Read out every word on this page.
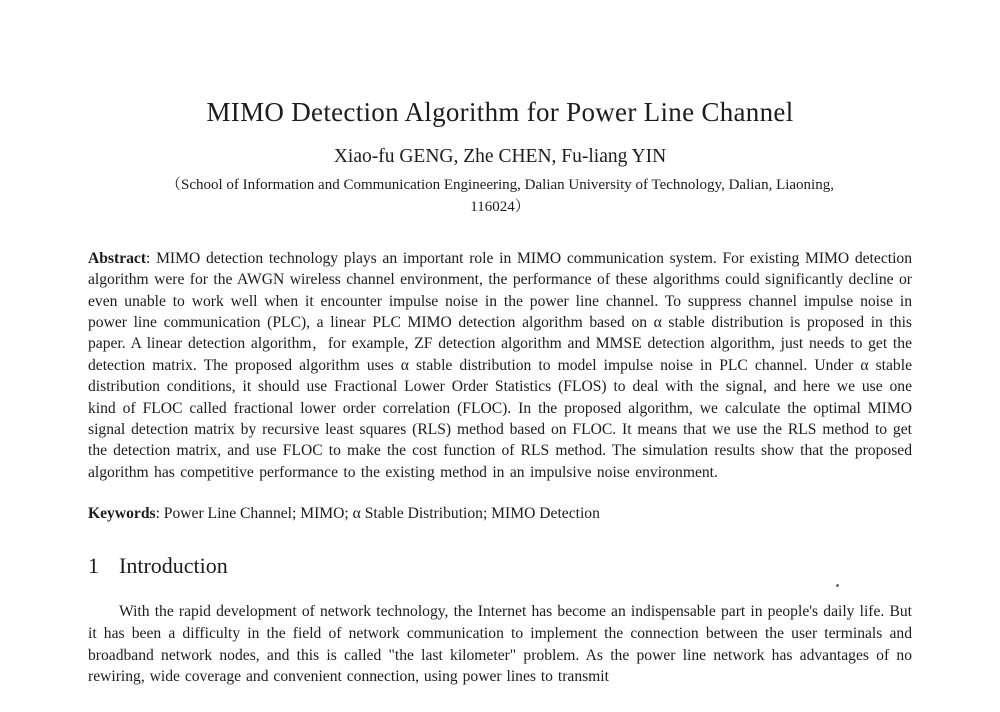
MIMO Detection Algorithm for Power Line Channel
Xiao-fu GENG, Zhe CHEN, Fu-liang YIN
（School of Information and Communication Engineering, Dalian University of Technology, Dalian, Liaoning,
116024）

Abstract: MIMO detection technology plays an important role in MIMO communication system. For existing MIMO detection algorithm were for the AWGN wireless channel environment, the performance of these algorithms could significantly decline or even unable to work well when it encounter impulse noise in the power line channel. To suppress channel impulse noise in power line communication (PLC), a linear PLC MIMO detection algorithm based on α stable distribution is proposed in this paper. A linear detection algorithm，for example, ZF detection algorithm and MMSE detection algorithm, just needs to get the detection matrix. The proposed algorithm uses α stable distribution to model impulse noise in PLC channel. Under α stable distribution conditions, it should use Fractional Lower Order Statistics (FLOS) to deal with the signal, and here we use one kind of FLOC called fractional lower order correlation (FLOC). In the proposed algorithm, we calculate the optimal MIMO signal detection matrix by recursive least squares (RLS) method based on FLOC. It means that we use the RLS method to get the detection matrix, and use FLOC to make the cost function of RLS method. The simulation results show that the proposed algorithm has competitive performance to the existing method in an impulsive noise environment.

Keywords: Power Line Channel; MIMO; α Stable Distribution; MIMO Detection

1 Introduction

With the rapid development of network technology, the Internet has become an indispensable part in people's daily life. But it has been a difficulty in the field of network communication to implement the connection between the user terminals and broadband network nodes, and this is called "the last kilometer" problem. As the power line network has advantages of no rewiring, wide coverage and convenient connection, using power lines to transmit
